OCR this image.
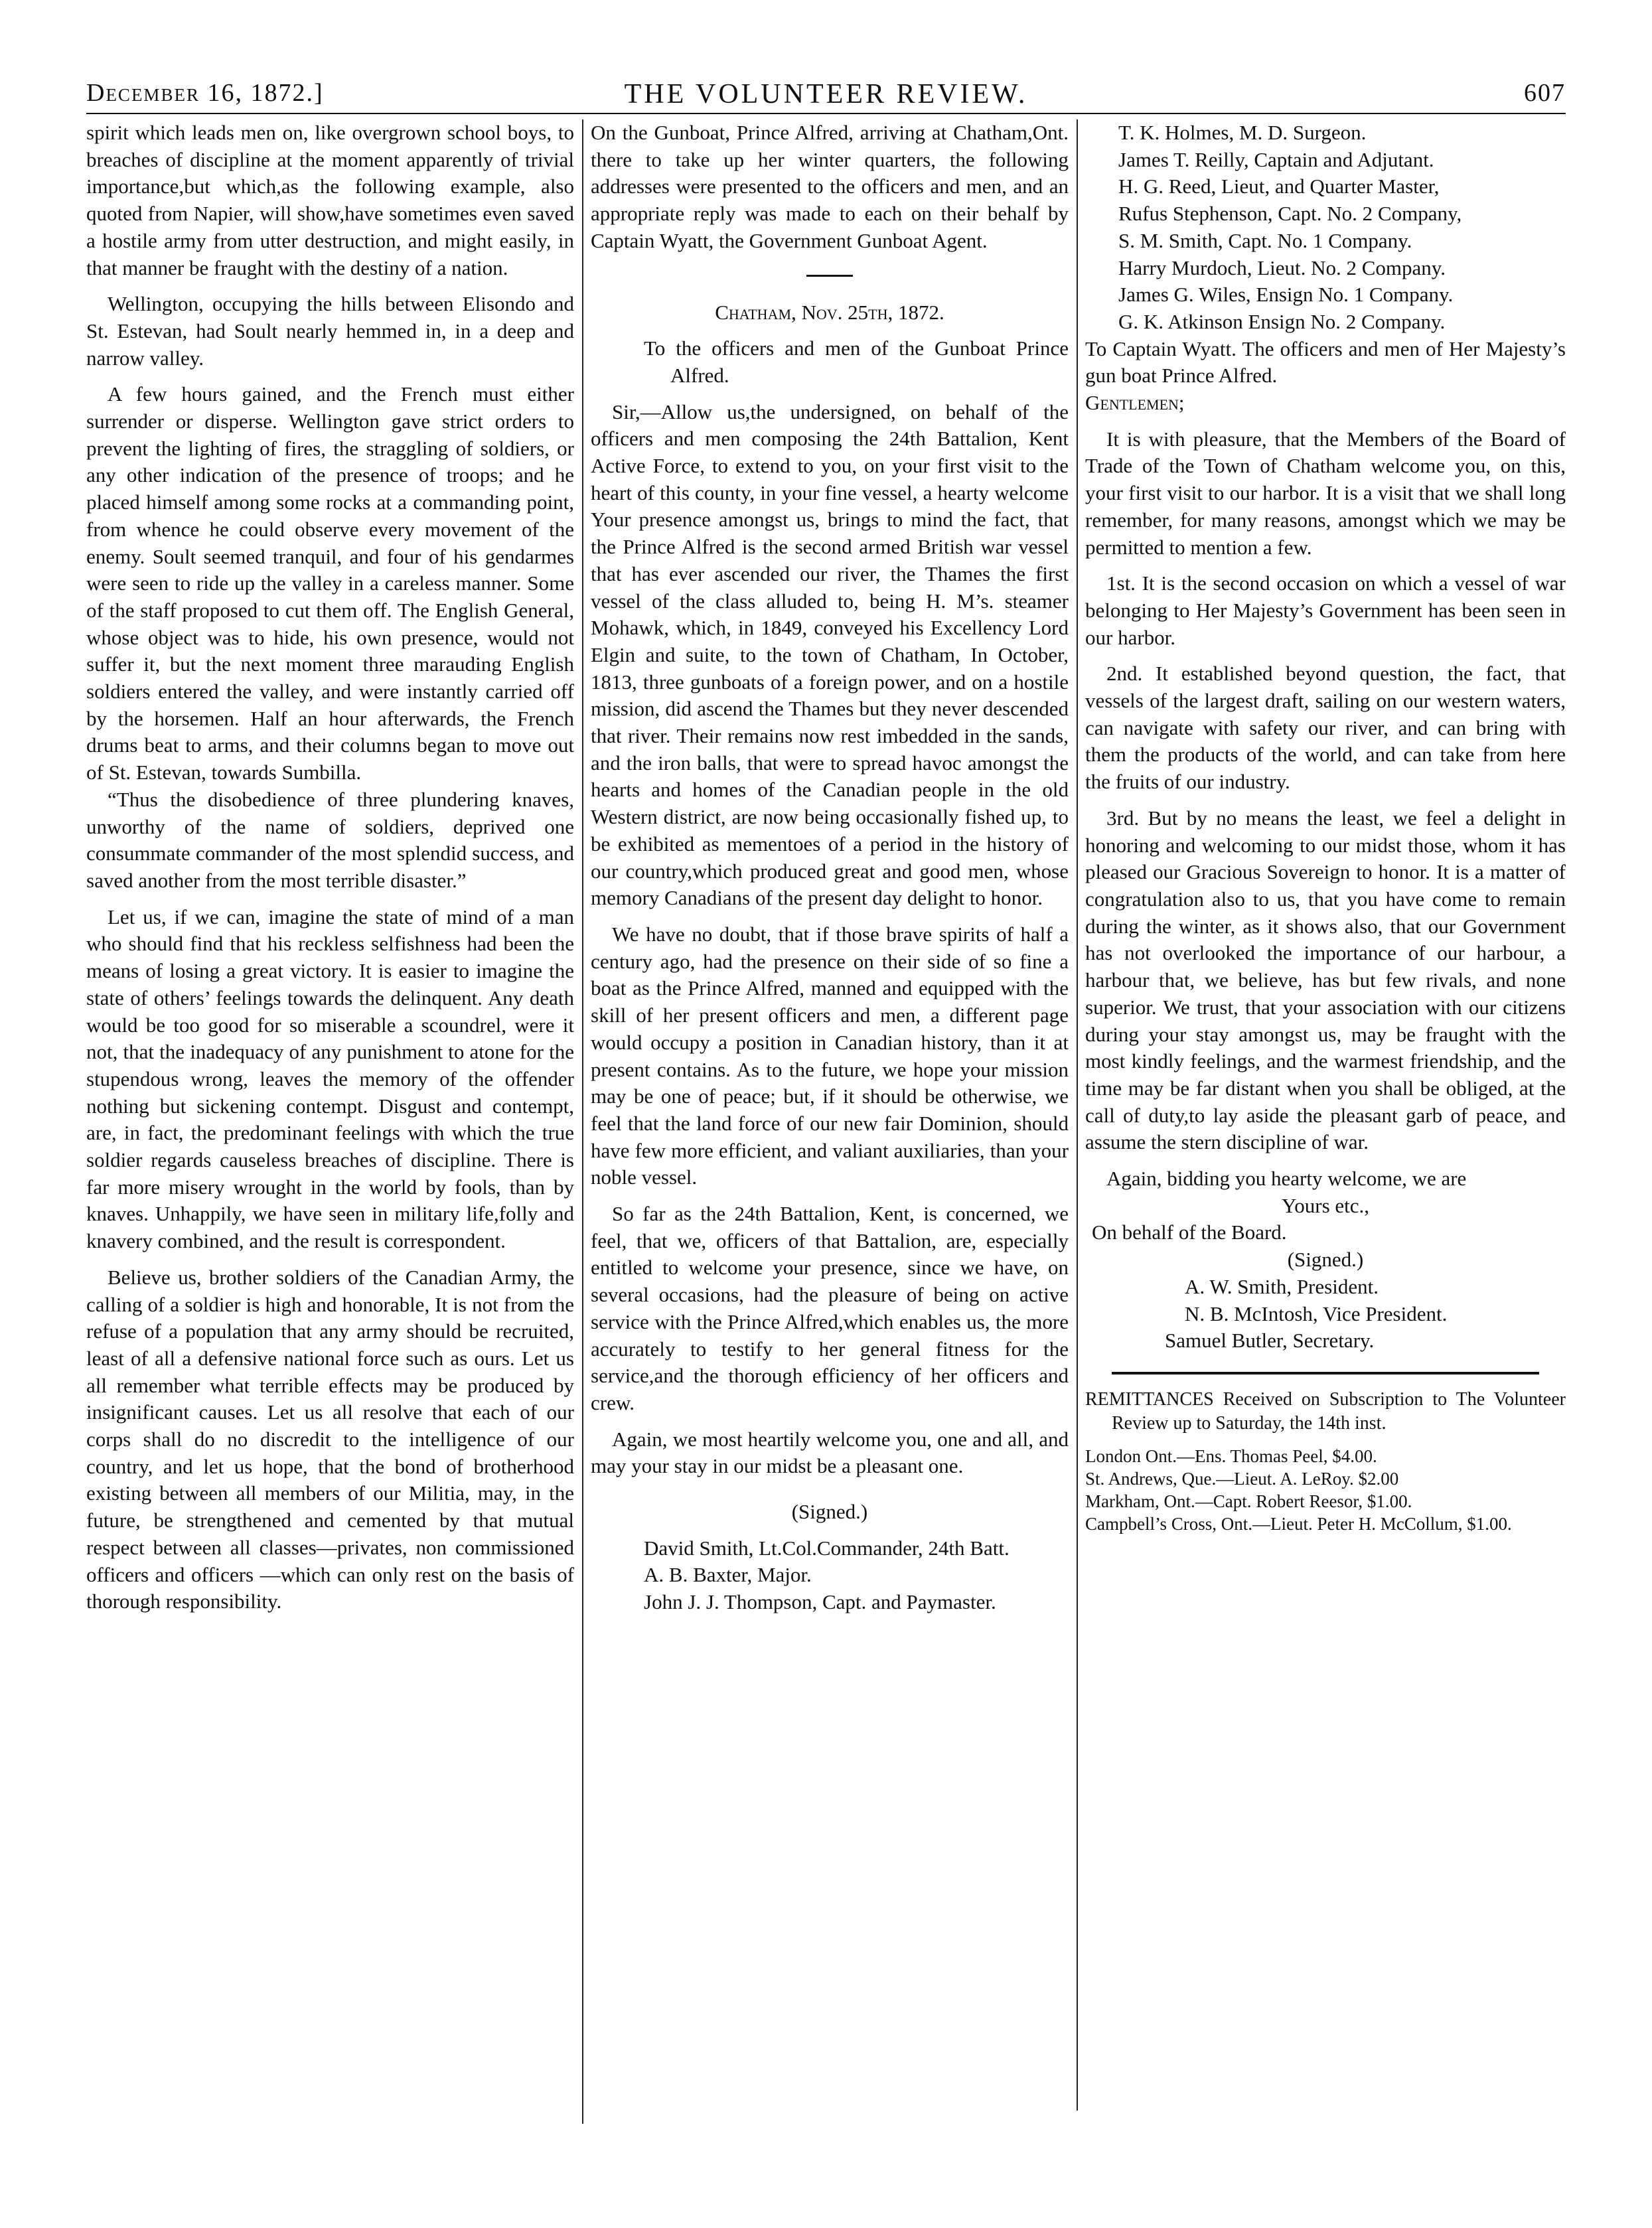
December 16, 1872.]	THE VOLUNTEER REVIEW.	607

spirit which leads men on, like overgrown school boys, to breaches of discipline at the moment apparently of trivial importance,but which,as the following example, also quoted from Napier, will show,have sometimes even saved a hostile army from utter destruction, and might easily, in that manner be fraught with the destiny of a nation.

Wellington, occupying the hills between Elisondo and St. Estevan, had Soult nearly hemmed in, in a deep and narrow valley.

A few hours gained, and the French must either surrender or disperse. Wellington gave strict orders to prevent the lighting of fires, the straggling of soldiers, or any other indication of the presence of troops; and he placed himself among some rocks at a commanding point, from whence he could observe every movement of the enemy. Soult seemed tranquil, and four of his gendarmes were seen to ride up the valley in a careless manner. Some of the staff proposed to cut them off. The English General, whose object was to hide, his own presence, would not suffer it, but the next moment three marauding English soldiers entered the valley, and were instantly carried off by the horsemen. Half an hour afterwards, the French drums beat to arms, and their columns began to move out of St. Estevan, towards Sumbilla.

“Thus the disobedience of three plundering knaves, unworthy of the name of soldiers, deprived one consummate commander of the most splendid success, and saved another from the most terrible disaster.”

Let us, if we can, imagine the state of mind of a man who should find that his reckless selfishness had been the means of losing a great victory. It is easier to imagine the state of others’ feelings towards the delinquent. Any death would be too good for so miserable a scoundrel, were it not, that the inadequacy of any punishment to atone for the stupendous wrong, leaves the memory of the offender nothing but sickening contempt. Disgust and contempt, are, in fact, the predominant feelings with which the true soldier regards causeless breaches of discipline. There is far more misery wrought in the world by fools, than by knaves. Unhappily, we have seen in military life,folly and knavery combined, and the result is correspondent.

Believe us, brother soldiers of the Canadian Army, the calling of a soldier is high and honorable, It is not from the refuse of a population that any army should be recruited, least of all a defensive national force such as ours. Let us all remember what terrible effects may be produced by insignificant causes. Let us all resolve that each of our corps shall do no discredit to the intelligence of our country, and let us hope, that the bond of brotherhood existing between all members of our Militia, may, in the future, be strengthened and cemented by that mutual respect between all classes—privates, non commissioned officers and officers —which can only rest on the basis of thorough responsibility.

On the Gunboat, Prince Alfred, arriving at Chatham,Ont. there to take up her winter quarters, the following addresses were presented to the officers and men, and an appropriate reply was made to each on their behalf by Captain Wyatt, the Government Gunboat Agent.

Chatham, Nov. 25th, 1872.

To the officers and men of the Gunboat Prince Alfred.

Sir,—Allow us,the undersigned, on behalf of the officers and men composing the 24th Battalion, Kent Active Force, to extend to you, on your first visit to the heart of this county, in your fine vessel, a hearty welcome Your presence amongst us, brings to mind the fact, that the Prince Alfred is the second armed British war vessel that has ever ascended our river, the Thames the first vessel of the class alluded to, being H. M’s. steamer Mohawk, which, in 1849, conveyed his Excellency Lord Elgin and suite, to the town of Chatham, In October, 1813, three gunboats of a foreign power, and on a hostile mission, did ascend the Thames but they never descended that river. Their remains now rest imbedded in the sands, and the iron balls, that were to spread havoc amongst the hearts and homes of the Canadian people in the old Western district, are now being occasionally fished up, to be exhibited as mementoes of a period in the history of our country,which produced great and good men, whose memory Canadians of the present day delight to honor.

We have no doubt, that if those brave spirits of half a century ago, had the presence on their side of so fine a boat as the Prince Alfred, manned and equipped with the skill of her present officers and men, a different page would occupy a position in Canadian history, than it at present contains. As to the future, we hope your mission may be one of peace; but, if it should be otherwise, we feel that the land force of our new fair Dominion, should have few more efficient, and valiant auxiliaries, than your noble vessel.

So far as the 24th Battalion, Kent, is concerned, we feel, that we, officers of that Battalion, are, especially entitled to welcome your presence, since we have, on several occasions, had the pleasure of being on active service with the Prince Alfred,which enables us, the more accurately to testify to her general fitness for the service,and the thorough efficiency of her officers and crew.

Again, we most heartily welcome you, one and all, and may your stay in our midst be a pleasant one.

(Signed.)

David Smith, Lt.Col.Commander, 24th Batt.

A. B. Baxter, Major.

John J. J. Thompson, Capt. and Paymaster.

T. K. Holmes, M. D. Surgeon.

James T. Reilly, Captain and Adjutant.

H. G. Reed, Lieut, and Quarter Master,

Rufus Stephenson, Capt. No. 2 Company,

S. M. Smith, Capt. No. 1 Company.

Harry Murdoch, Lieut. No. 2 Company.

James G. Wiles, Ensign No. 1 Company.

G. K. Atkinson Ensign No. 2 Company.

To Captain Wyatt. The officers and men of Her Majesty’s gun boat Prince Alfred.

Gentlemen;

It is with pleasure, that the Members of the Board of Trade of the Town of Chatham welcome you, on this, your first visit to our harbor. It is a visit that we shall long remember, for many reasons, amongst which we may be permitted to mention a few.

1st. It is the second occasion on which a vessel of war belonging to Her Majesty’s Government has been seen in our harbor.

2nd. It established beyond question, the fact, that vessels of the largest draft, sailing on our western waters, can navigate with safety our river, and can bring with them the products of the world, and can take from here the fruits of our industry.

3rd. But by no means the least, we feel a delight in honoring and welcoming to our midst those, whom it has pleased our Gracious Sovereign to honor. It is a matter of congratulation also to us, that you have come to remain during the winter, as it shows also, that our Government has not overlooked the importance of our harbour, a harbour that, we believe, has but few rivals, and none superior. We trust, that your association with our citizens during your stay amongst us, may be fraught with the most kindly feelings, and the warmest friendship, and the time may be far distant when you shall be obliged, at the call of duty,to lay aside the pleasant garb of peace, and assume the stern discipline of war.

Again, bidding you hearty welcome, we are

Yours etc.,

On behalf of the Board.

(Signed.)

A. W. Smith, President.

N. B. McIntosh, Vice President.

Samuel Butler, Secretary.

REMITTANCES Received on Subscription to The Volunteer Review up to Saturday, the 14th inst.

London Ont.—Ens. Thomas Peel, $4.00.

St. Andrews, Que.—Lieut. A. LeRoy. $2.00

Markham, Ont.—Capt. Robert Reesor, $1.00.

Campbell’s Cross, Ont.—Lieut. Peter H. McCollum, $1.00.
